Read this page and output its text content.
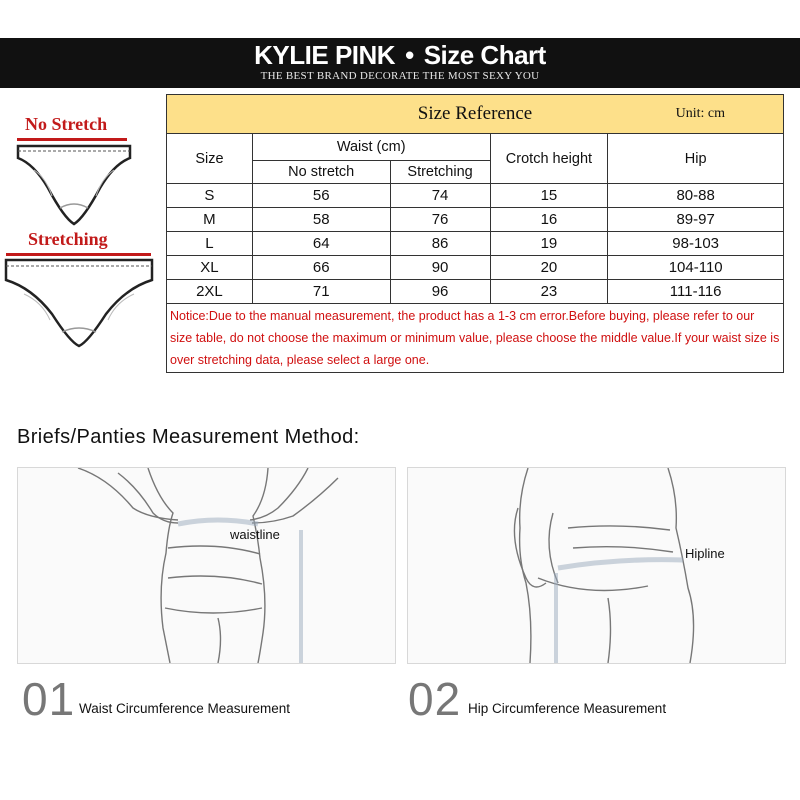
KYLIE PINK • Size Chart
THE BEST BRAND DECORATE THE MOST SEXY YOU
No Stretch
Stretching
Size Reference Unit: cm				

Size	Waist (cm)		Crotch height	Hip
	No stretch	Stretching		
S	56	74	15	80-88
M	58	76	16	89-97
L	64	86	19	98-103
XL	66	90	20	104-110
2XL	71	96	23	111-116
Notice:Due to the manual measurement, the product has a 1-3 cm error.Before buying, please refer to our size table, do not choose the maximum or minimum value, please choose the middle value.If your waist size is over stretching data, please select a large one.				
Briefs/Panties Measurement Method:
waistline
Hipline
01 Waist Circumference Measurement	02 Hip Circumference Measurement
